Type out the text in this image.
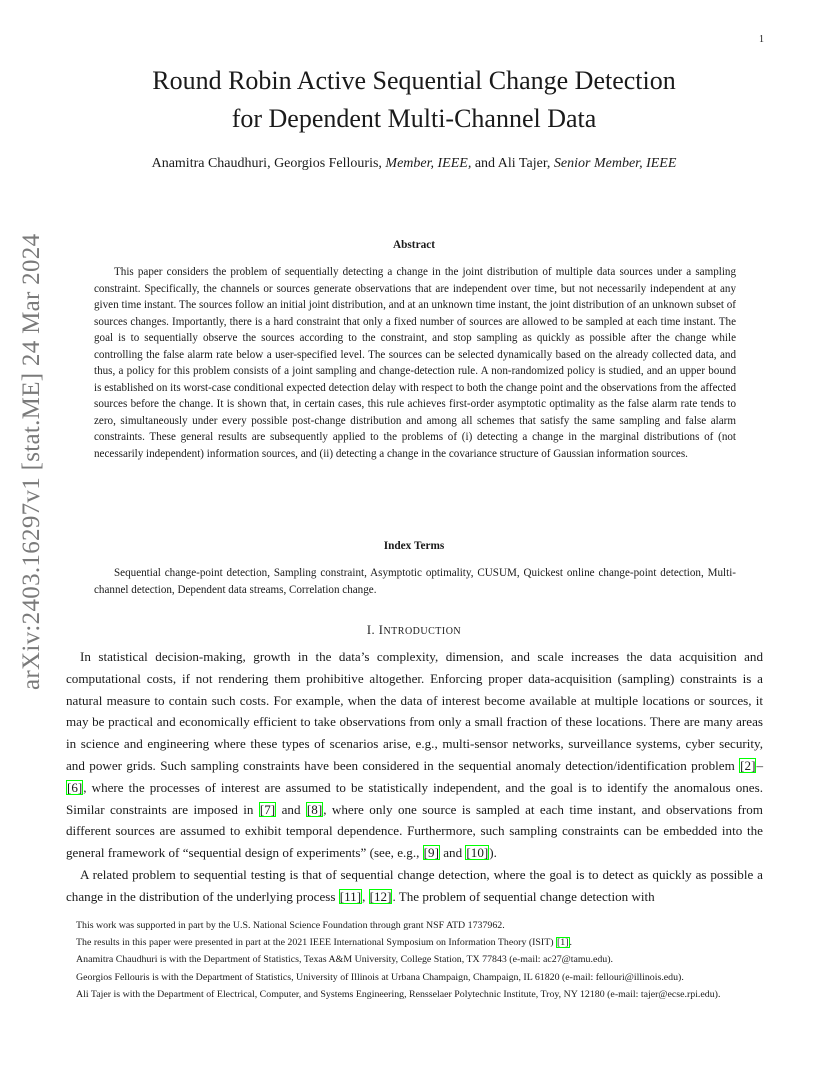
1
arXiv:2403.16297v1 [stat.ME] 24 Mar 2024
Round Robin Active Sequential Change Detection
for Dependent Multi-Channel Data
Anamitra Chaudhuri, Georgios Fellouris, Member, IEEE, and Ali Tajer, Senior Member, IEEE
Abstract
This paper considers the problem of sequentially detecting a change in the joint distribution of multiple data sources under a sampling constraint. Specifically, the channels or sources generate observations that are independent over time, but not necessarily independent at any given time instant. The sources follow an initial joint distribution, and at an unknown time instant, the joint distribution of an unknown subset of sources changes. Importantly, there is a hard constraint that only a fixed number of sources are allowed to be sampled at each time instant. The goal is to sequentially observe the sources according to the constraint, and stop sampling as quickly as possible after the change while controlling the false alarm rate below a user-specified level. The sources can be selected dynamically based on the already collected data, and thus, a policy for this problem consists of a joint sampling and change-detection rule. A non-randomized policy is studied, and an upper bound is established on its worst-case conditional expected detection delay with respect to both the change point and the observations from the affected sources before the change. It is shown that, in certain cases, this rule achieves first-order asymptotic optimality as the false alarm rate tends to zero, simultaneously under every possible post-change distribution and among all schemes that satisfy the same sampling and false alarm constraints. These general results are subsequently applied to the problems of (i) detecting a change in the marginal distributions of (not necessarily independent) information sources, and (ii) detecting a change in the covariance structure of Gaussian information sources.
Index Terms
Sequential change-point detection, Sampling constraint, Asymptotic optimality, CUSUM, Quickest online change-point detection, Multi-channel detection, Dependent data streams, Correlation change.
I. INTRODUCTION

In statistical decision-making, growth in the data’s complexity, dimension, and scale increases the data acquisition and computational costs, if not rendering them prohibitive altogether. Enforcing proper data-acquisition (sampling) constraints is a natural measure to contain such costs. For example, when the data of interest become available at multiple locations or sources, it may be practical and economically efficient to take observations from only a small fraction of these locations. There are many areas in science and engineering where these types of scenarios arise, e.g., multi-sensor networks, surveillance systems, cyber security, and power grids. Such sampling constraints have been considered in the sequential anomaly detection/identification problem [2]–[6], where the processes of interest are assumed to be statistically independent, and the goal is to identify the anomalous ones. Similar constraints are imposed in [7] and [8], where only one source is sampled at each time instant, and observations from different sources are assumed to exhibit temporal dependence. Furthermore, such sampling constraints can be embedded into the general framework of “sequential design of experiments” (see, e.g., [9] and [10]).

A related problem to sequential testing is that of sequential change detection, where the goal is to detect as quickly as possible a change in the distribution of the underlying process [11], [12]. The problem of sequential change detection with

This work was supported in part by the U.S. National Science Foundation through grant NSF ATD 1737962.

The results in this paper were presented in part at the 2021 IEEE International Symposium on Information Theory (ISIT) [1].

Anamitra Chaudhuri is with the Department of Statistics, Texas A&M University, College Station, TX 77843 (e-mail: ac27@tamu.edu).

Georgios Fellouris is with the Department of Statistics, University of Illinois at Urbana Champaign, Champaign, IL 61820 (e-mail: fellouri@illinois.edu).

Ali Tajer is with the Department of Electrical, Computer, and Systems Engineering, Rensselaer Polytechnic Institute, Troy, NY 12180 (e-mail: tajer@ecse.rpi.edu).
